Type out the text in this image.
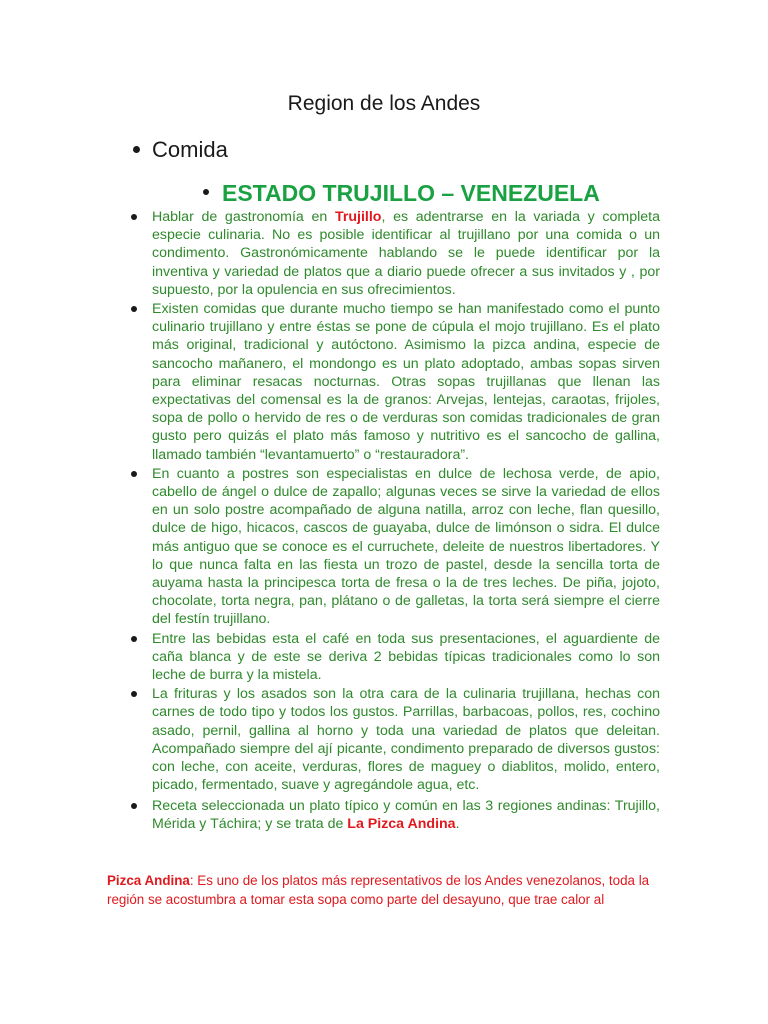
Region de los Andes
Comida
ESTADO TRUJILLO – VENEZUELA
Hablar de gastronomía en Trujillo, es adentrarse en la variada y completa especie culinaria. No es posible identificar al trujillano por una comida o un condimento. Gastronómicamente hablando se le puede identificar por la inventiva y variedad de platos que a diario puede ofrecer a sus invitados y , por supuesto, por la opulencia en sus ofrecimientos.
Existen comidas que durante mucho tiempo se han manifestado como el punto culinario trujillano y entre éstas se pone de cúpula el mojo trujillano. Es el plato más original, tradicional y autóctono. Asimismo la pizca andina, especie de sancocho mañanero, el mondongo es un plato adoptado, ambas sopas sirven para eliminar resacas nocturnas. Otras sopas trujillanas que llenan las expectativas del comensal es la de granos: Arvejas, lentejas, caraotas, frijoles, sopa de pollo o hervido de res o de verduras son comidas tradicionales de gran gusto pero quizás el plato más famoso y nutritivo es el sancocho de gallina, llamado también “levantamuerto” o “restauradora”.
En cuanto a postres son especialistas en dulce de lechosa verde, de apio, cabello de ángel o dulce de zapallo; algunas veces se sirve la variedad de ellos en un solo postre acompañado de alguna natilla, arroz con leche, flan quesillo, dulce de higo, hicacos, cascos de guayaba, dulce de limónson o sidra. El dulce más antiguo que se conoce es el curruchete, deleite de nuestros libertadores. Y lo que nunca falta en las fiesta un trozo de pastel, desde la sencilla torta de auyama hasta la principesca torta de fresa o la de tres leches. De piña, jojoto, chocolate, torta negra, pan, plátano o de galletas, la torta será siempre el cierre del festín trujillano.
Entre las bebidas esta el café en toda sus presentaciones, el aguardiente de caña blanca y de este se deriva 2 bebidas típicas tradicionales como lo son leche de burra y la mistela.
La frituras y los asados son la otra cara de la culinaria trujillana, hechas con carnes de todo tipo y todos los gustos. Parrillas, barbacoas, pollos, res, cochino asado, pernil, gallina al horno y toda una variedad de platos que deleitan. Acompañado siempre del ají picante, condimento preparado de diversos gustos: con leche, con aceite, verduras, flores de maguey o diablitos, molido, entero, picado, fermentado, suave y agregándole agua, etc.
Receta seleccionada un plato típico y común en las 3 regiones andinas: Trujillo, Mérida y Táchira; y se trata de La Pizca Andina.
Pizca Andina: Es uno de los platos más representativos de los Andes venezolanos, toda la región se acostumbra a tomar esta sopa como parte del desayuno, que trae calor al
